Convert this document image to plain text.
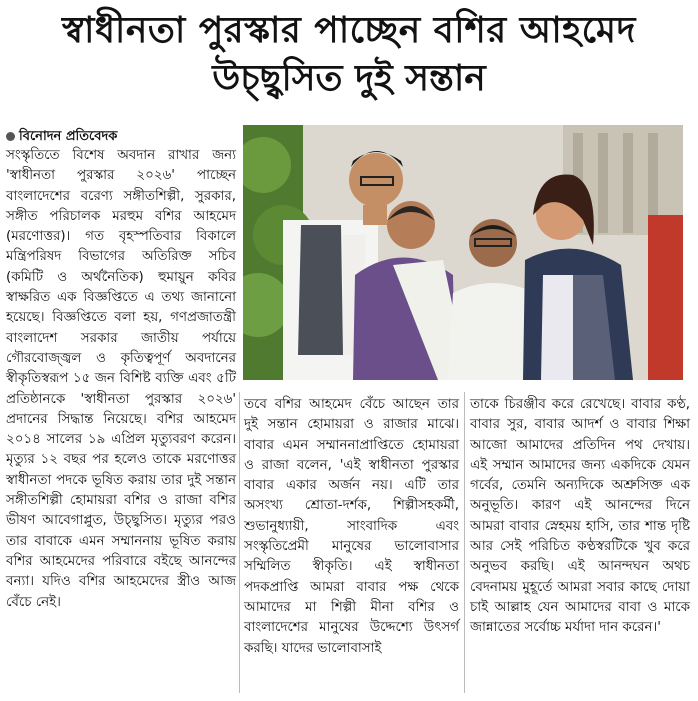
স্বাধীনতা পুরস্কার পাচ্ছেন বশির আহমেদ
উচ্ছ্বসিত দুই সন্তান
বিনোদন প্রতিবেদক
সংস্কৃতিতে বিশেষ অবদান রাখার জন্য 'স্বাধীনতা পুরস্কার ২০২৬' পাচ্ছেন বাংলাদেশের বরেণ্য সঙ্গীতশিল্পী, সুরকার, সঙ্গীত পরিচালক মরহুম বশির আহমেদ (মরণোত্তর)। গত বৃহস্পতিবার বিকালে মন্ত্রিপরিষদ বিভাগের অতিরিক্ত সচিব (কমিটি ও অর্থনৈতিক) হুমায়ুন কবির স্বাক্ষরিত এক বিজ্ঞপ্তিতে এ তথ্য জানানো হয়েছে। বিজ্ঞপ্তিতে বলা হয়, গণপ্রজাতন্ত্রী বাংলাদেশ সরকার জাতীয় পর্যায়ে গৌরবোজ্জ্বল ও কৃতিত্বপূর্ণ অবদানের স্বীকৃতিস্বরূপ ১৫ জন বিশিষ্ট ব্যক্তি এবং ৫টি প্রতিষ্ঠানকে 'স্বাধীনতা পুরস্কার ২০২৬' প্রদানের সিদ্ধান্ত নিয়েছে। বশির আহমেদ ২০১৪ সালের ১৯ এপ্রিল মৃত্যুবরণ করেন। মৃত্যুর ১২ বছর পর হলেও তাকে মরণোত্তর স্বাধীনতা পদকে ভূষিত করায় তার দুই সন্তান সঙ্গীতশিল্পী হোমায়রা বশির ও রাজা বশির ভীষণ আবেগাপ্লুত, উচ্ছ্বসিত। মৃত্যুর পরও তার বাবাকে এমন সম্মাননায় ভূষিত করায় বশির আহমেদের পরিবারে বইছে আনন্দের বন্যা। যদিও বশির আহমেদের স্ত্রীও আজ বেঁচে নেই।
তবে বশির আহমেদ বেঁচে আছেন তার দুই সন্তান হোমায়রা ও রাজার মাঝে। বাবার এমন সম্মাননাপ্রাপ্তিতে হোমায়রা ও রাজা বলেন, 'এই স্বাধীনতা পুরস্কার বাবার একার অর্জন নয়। এটি তার অসংখ্য শ্রোতা-দর্শক, শিল্পীসহকর্মী, শুভানুধ্যায়ী, সাংবাদিক এবং সংস্কৃতিপ্রেমী মানুষের ভালোবাসার সম্মিলিত স্বীকৃতি। এই স্বাধীনতা পদকপ্রাপ্তি আমরা বাবার পক্ষ থেকে আমাদের মা শিল্পী মীনা বশির ও বাংলাদেশের মানুষের উদ্দেশ্যে উৎসর্গ করছি। যাদের ভালোবাসাই
তাকে চিরঞ্জীব করে রেখেছে। বাবার কণ্ঠ, বাবার সুর, বাবার আদর্শ ও বাবার শিক্ষা আজো আমাদের প্রতিদিন পথ দেখায়। এই সম্মান আমাদের জন্য একদিকে যেমন গর্বের, তেমনি অন্যদিকে অশ্রুসিক্ত এক অনুভূতি। কারণ এই আনন্দের দিনে আমরা বাবার স্নেহময় হাসি, তার শান্ত দৃষ্টি আর সেই পরিচিত কণ্ঠস্বরটিকে খুব করে অনুভব করছি। এই আনন্দঘন অথচ বেদনাময় মুহূর্তে আমরা সবার কাছে দোয়া চাই আল্লাহ যেন আমাদের বাবা ও মাকে জান্নাতের সর্বোচ্চ মর্যাদা দান করেন।'
